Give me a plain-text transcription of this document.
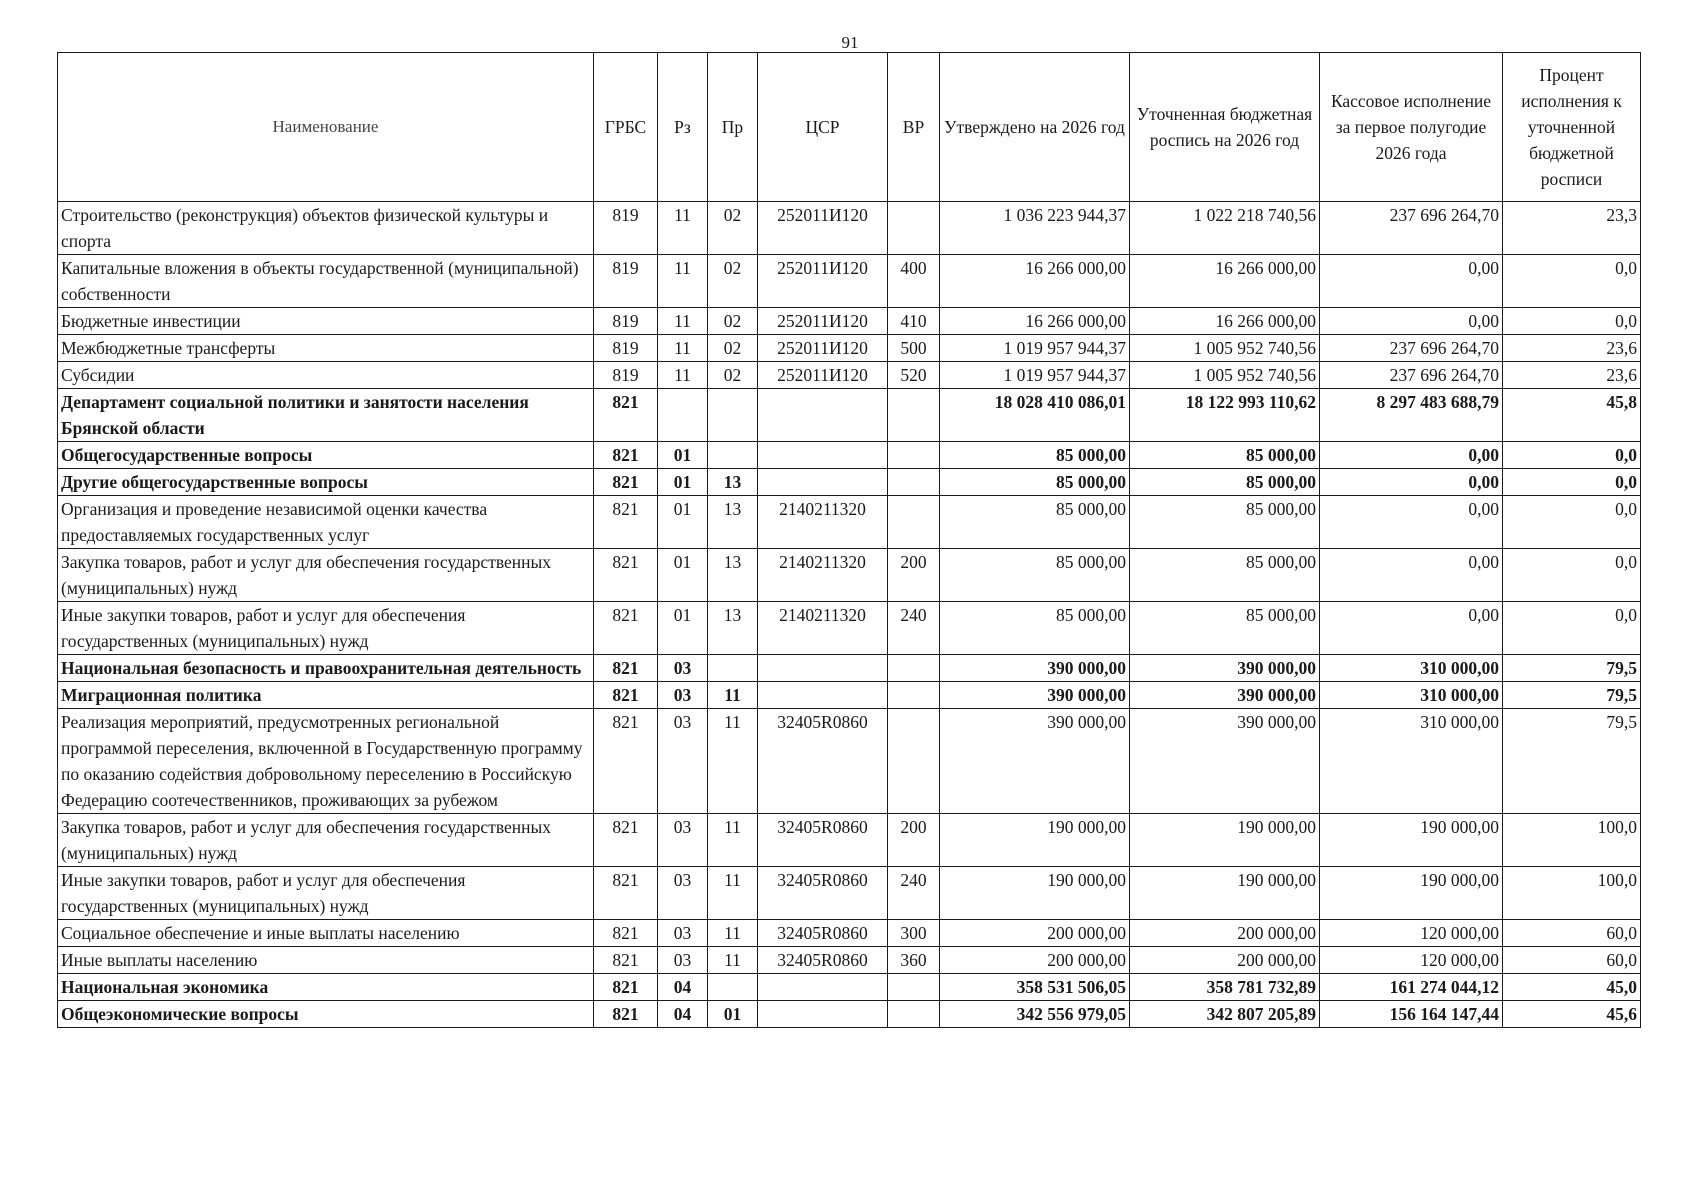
91
Наименование	ГРБС	Рз	Пр	ЦСР	ВР	Утверждено на 2026 год	Уточненная бюджетная роспись на 2026 год	Кассовое исполнение за первое полугодие 2026 года	Процент исполнения к уточненной бюджетной росписи
Строительство (реконструкция) объектов физической культуры и спорта	819	11	02	252011И120		1 036 223 944,37	1 022 218 740,56	237 696 264,70	23,3
Капитальные вложения в объекты государственной (муниципальной) собственности	819	11	02	252011И120	400	16 266 000,00	16 266 000,00	0,00	0,0
Бюджетные инвестиции	819	11	02	252011И120	410	16 266 000,00	16 266 000,00	0,00	0,0
Межбюджетные трансферты	819	11	02	252011И120	500	1 019 957 944,37	1 005 952 740,56	237 696 264,70	23,6
Субсидии	819	11	02	252011И120	520	1 019 957 944,37	1 005 952 740,56	237 696 264,70	23,6
Департамент социальной политики и занятости населения Брянской области	821					18 028 410 086,01	18 122 993 110,62	8 297 483 688,79	45,8
Общегосударственные вопросы	821	01				85 000,00	85 000,00	0,00	0,0
Другие общегосударственные вопросы	821	01	13			85 000,00	85 000,00	0,00	0,0
Организация и проведение независимой оценки качества предоставляемых государственных услуг	821	01	13	2140211320		85 000,00	85 000,00	0,00	0,0
Закупка товаров, работ и услуг для обеспечения государственных (муниципальных) нужд	821	01	13	2140211320	200	85 000,00	85 000,00	0,00	0,0
Иные закупки товаров, работ и услуг для обеспечения государственных (муниципальных) нужд	821	01	13	2140211320	240	85 000,00	85 000,00	0,00	0,0
Национальная безопасность и правоохранительная деятельность	821	03				390 000,00	390 000,00	310 000,00	79,5
Миграционная политика	821	03	11			390 000,00	390 000,00	310 000,00	79,5
Реализация мероприятий, предусмотренных региональной программой переселения, включенной в Государственную программу по оказанию содействия добровольному переселению в Российскую Федерацию соотечественников, проживающих за рубежом	821	03	11	32405R0860		390 000,00	390 000,00	310 000,00	79,5
Закупка товаров, работ и услуг для обеспечения государственных (муниципальных) нужд	821	03	11	32405R0860	200	190 000,00	190 000,00	190 000,00	100,0
Иные закупки товаров, работ и услуг для обеспечения государственных (муниципальных) нужд	821	03	11	32405R0860	240	190 000,00	190 000,00	190 000,00	100,0
Социальное обеспечение и иные выплаты населению	821	03	11	32405R0860	300	200 000,00	200 000,00	120 000,00	60,0
Иные выплаты населению	821	03	11	32405R0860	360	200 000,00	200 000,00	120 000,00	60,0
Национальная экономика	821	04				358 531 506,05	358 781 732,89	161 274 044,12	45,0
Общеэкономические вопросы	821	04	01			342 556 979,05	342 807 205,89	156 164 147,44	45,6
